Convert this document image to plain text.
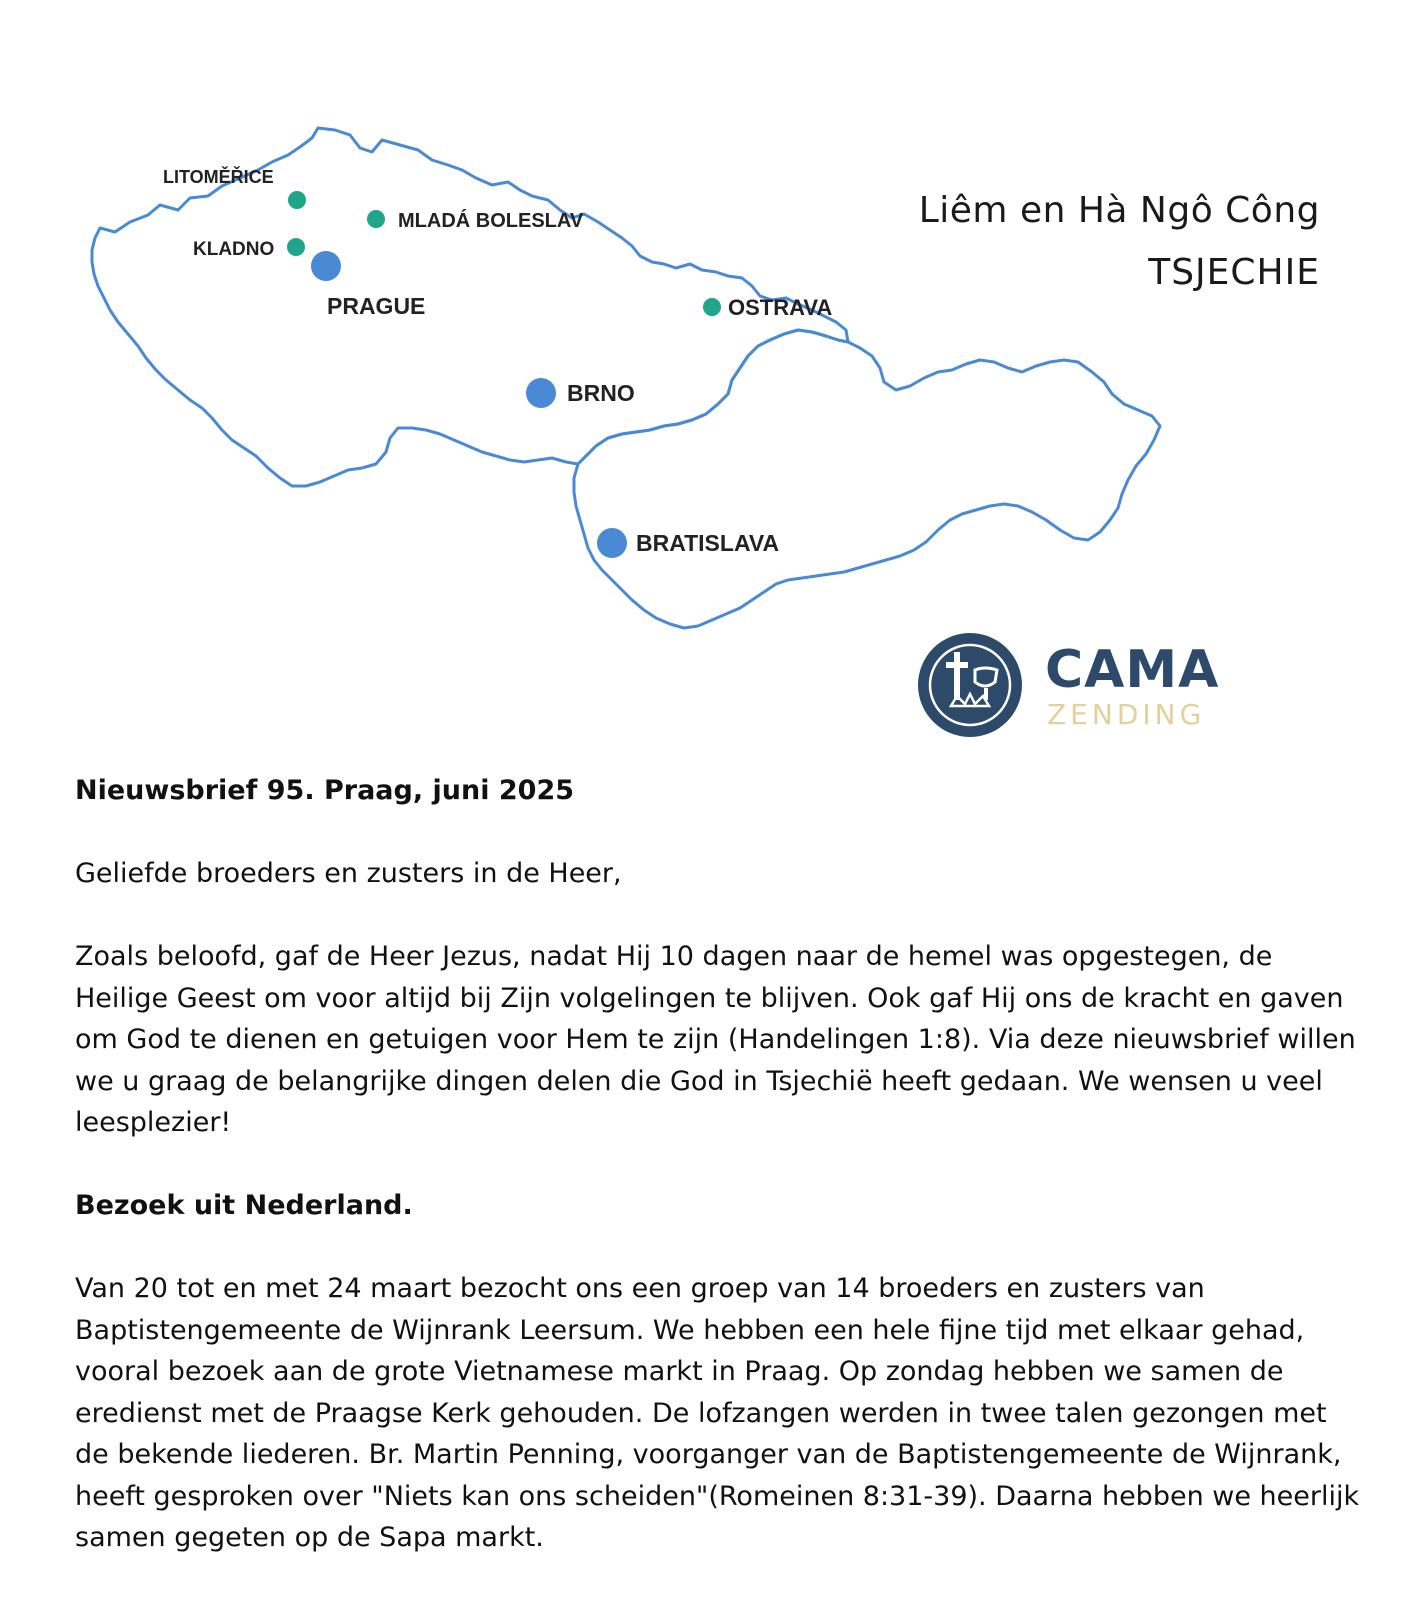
LITOMĚŘICE
MLADÁ BOLESLAV
KLADNO
PRAGUE	OSTRAVA
BRNO
BRATISLAVA
Liêm en Hà Ngô Công
TSJECHIE
CAMA
ZENDING

Nieuwsbrief 95. Praag, juni 2025

Geliefde broeders en zusters in de Heer,

Zoals beloofd, gaf de Heer Jezus, nadat Hij 10 dagen naar de hemel was opgestegen, de Heilige Geest om voor altijd bij Zijn volgelingen te blijven. Ook gaf Hij ons de kracht en gaven om God te dienen en getuigen voor Hem te zijn (Handelingen 1:8). Via deze nieuwsbrief willen we u graag de belangrijke dingen delen die God in Tsjechië heeft gedaan. We wensen u veel leesplezier!

Bezoek uit Nederland.

Van 20 tot en met 24 maart bezocht ons een groep van 14 broeders en zusters van Baptistengemeente de Wijnrank Leersum. We hebben een hele fijne tijd met elkaar gehad, vooral bezoek aan de grote Vietnamese markt in Praag. Op zondag hebben we samen de eredienst met de Praagse Kerk gehouden. De lofzangen werden in twee talen gezongen met de bekende liederen. Br. Martin Penning, voorganger van de Baptistengemeente de Wijnrank, heeft gesproken over "Niets kan ons scheiden"(Romeinen 8:31-39). Daarna hebben we heerlijk samen gegeten op de Sapa markt.
